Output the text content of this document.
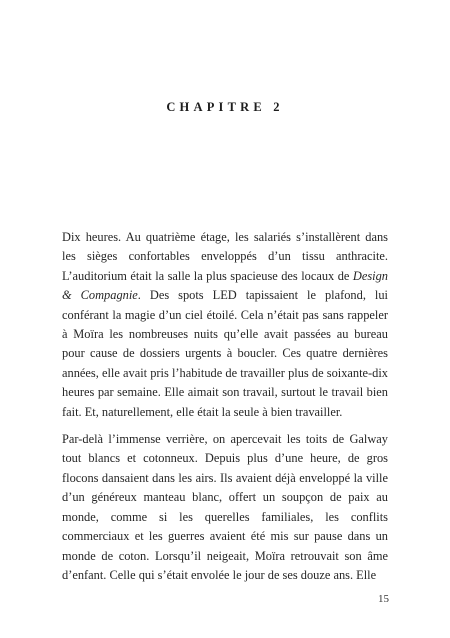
CHAPITRE 2

Dix heures. Au quatrième étage, les salariés s’installèrent dans les sièges confortables enveloppés d’un tissu anthracite. L’auditorium était la salle la plus spacieuse des locaux de Design & Compagnie. Des spots LED tapissaient le plafond, lui conférant la magie d’un ciel étoilé. Cela n’était pas sans rappeler à Moïra les nombreuses nuits qu’elle avait passées au bureau pour cause de dossiers urgents à boucler. Ces quatre dernières années, elle avait pris l’habitude de travailler plus de soixante-dix heures par semaine. Elle aimait son travail, surtout le travail bien fait. Et, naturellement, elle était la seule à bien travailler.

Par-delà l’immense verrière, on apercevait les toits de Galway tout blancs et cotonneux. Depuis plus d’une heure, de gros flocons dansaient dans les airs. Ils avaient déjà enveloppé la ville d’un généreux manteau blanc, offert un soupçon de paix au monde, comme si les querelles familiales, les conflits commerciaux et les guerres avaient été mis sur pause dans un monde de coton. Lorsqu’il neigeait, Moïra retrouvait son âme d’enfant. Celle qui s’était envolée le jour de ses douze ans. Elle

15
